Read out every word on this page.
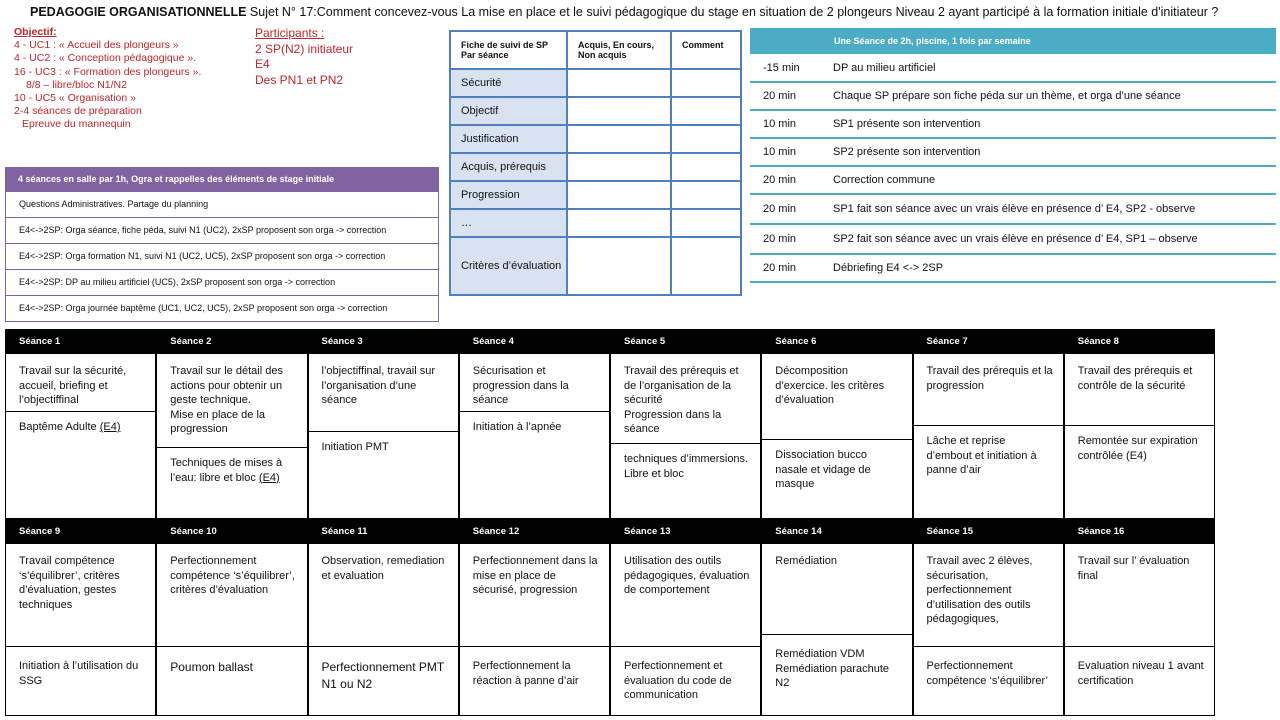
PEDAGOGIE ORGANISATIONNELLE Sujet N° 17:Comment concevez-vous La mise en place et le suivi pédagogique du stage en situation de 2 plongeurs Niveau 2 ayant participé à la formation initiale d'initiateur ?
Objectif:
4 - UC1 : « Accueil des plongeurs »
4 - UC2 : « Conception pédagogique ».
16 - UC3 : « Formation des plongeurs ».
8/8 – libre/bloc N1/N2
10 - UC5 « Organisation »
2-4 séances de préparation
Epreuve du mannequin
Participants :
2 SP(N2) initiateur
E4
Des PN1 et PN2
4 séances en salle par 1h, Ogra et rappelles des éléments de stage initiale
Questions Administratives. Partage du planning
E4<->2SP: Orga séance, fiche péda, suivi N1 (UC2), 2xSP proposent son orga -> correction
E4<->2SP: Orga formation N1, suivi N1 (UC2, UC5), 2xSP proposent son orga -> correction
E4<->2SP: DP au milieu artificiel (UC5), 2xSP proposent son orga -> correction
E4<->2SP: Orga journée baptême (UC1, UC2, UC5), 2xSP proposent son orga -> correction
Fiche de suivi de SP Par séance	Acquis, En cours, Non acquis	Comment
Sécurité		
Objectif		
Justification		
Acquis, prérequis		
Progression		
…		
Critères d’évaluation		
Une Séance de 2h, piscine, 1 fois par semaine	
-15 min	DP au milieu artificiel
20 min	Chaque SP prépare son fiche péda sur un thème, et orga d’une séance
10 min	SP1 présente son intervention
10 min	SP2 présente son intervention
20 min	Correction commune
20 min	SP1 fait son séance avec un vrais élève en présence d’ E4, SP2 - observe
20 min	SP2 fait son séance avec un vrais élève en présence d’ E4, SP1 – observe
20 min	Débriefing E4 <-> 2SP
Séance 1
Travail sur la sécurité, accueil, briefing et l’objectiffinal
Baptême Adulte (E4)
Séance 2
Travail sur le détail des actions pour obtenir un geste technique.
Mise en place de la progression
Techniques de mises à l’eau: libre et bloc (E4)
Séance 3
l’objectiffinal, travail sur l’organisation d’une séance
Initiation PMT
Séance 4
Sécurisation et progression dans la séance
Initiation à l’apnée
Séance 5
Travail des prérequis et de l’organisation de la sécurité
Progression dans la séance
techniques d’immersions. Libre et bloc
Séance 6
Décomposition d’exercice. les critères d’évaluation
Dissociation bucco nasale et vidage de masque
Séance 7
Travail des prérequis et la progression
Lâche et reprise d’embout et initiation à panne d’air
Séance 8
Travail des prérequis et contrôle de la sécurité
Remontée sur expiration contrôlée (E4)
Séance 9
Travail compétence ‘s’équilibrer’, critères d’évaluation, gestes techniques
Initiation à l’utilisation du SSG
Séance 10
Perfectionnement compétence ‘s’équilibrer’, critères d’évaluation
Poumon ballast
Séance 11
Observation, remediation et evaluation
Perfectionnement PMT N1 ou N2
Séance 12
Perfectionnement dans la mise en place de sécurisé, progression
Perfectionnement la réaction à panne d’air
Séance 13
Utilisation des outils pédagogiques, évaluation de comportement
Perfectionnement et évaluation du code de communication
Séance 14
Remédiation
Remédiation VDM
Remédiation parachute N2
Séance 15
Travail avec 2 élèves, sécurisation, perfectionnement d’utilisation des outils pédagogiques,
Perfectionnement compétence ‘s’équilibrer’
Séance 16
Travail sur l’ évaluation final
Evaluation niveau 1 avant certification
